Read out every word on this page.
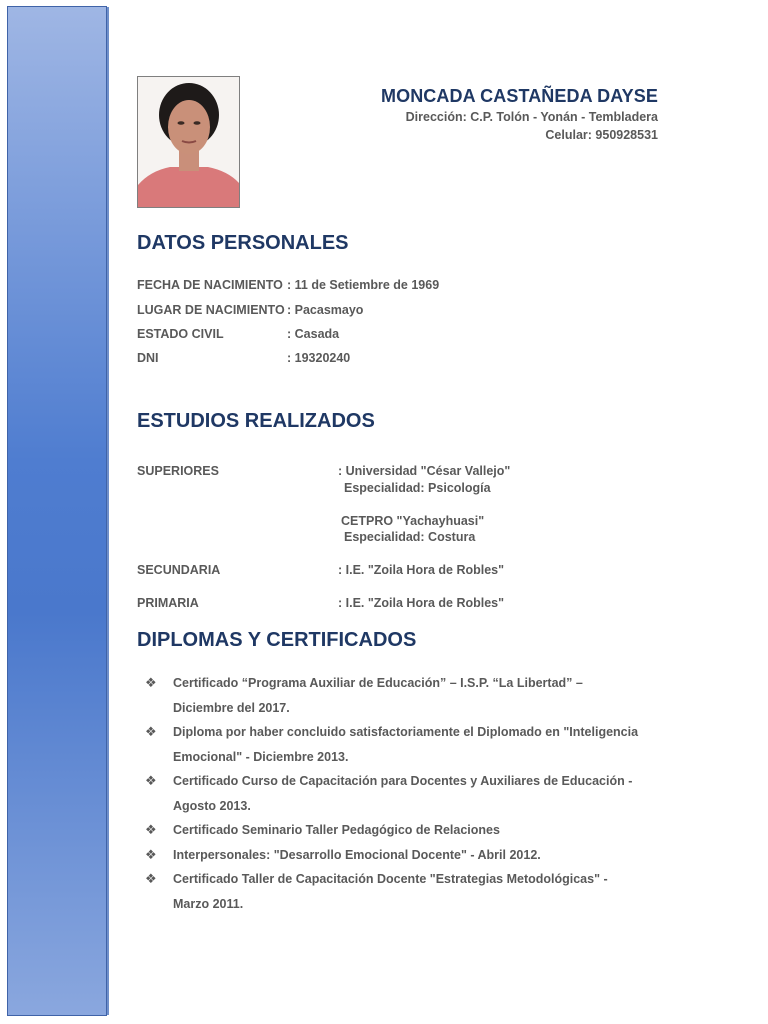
MONCADA CASTAÑEDA DAYSE
Dirección: C.P. Tolón - Yonán - Tembladera
Celular: 950928531
DATOS PERSONALES
FECHA DE NACIMIENTO : 11 de Setiembre de 1969
LUGAR DE NACIMIENTO : Pacasmayo
ESTADO CIVIL	: Casada
DNI	: 19320240
ESTUDIOS REALIZADOS
SUPERIORES	: Universidad "César Vallejo"
Especialidad: Psicología
CETPRO "Yachayhuasi"
Especialidad: Costura
SECUNDARIA	: I.E. "Zoila Hora de Robles"
PRIMARIA	: I.E. "Zoila Hora de Robles"
DIPLOMAS Y CERTIFICADOS
❖ Certificado “Programa Auxiliar de Educación” – I.S.P. “La Libertad” – Diciembre del 2017.
❖ Diploma por haber concluido satisfactoriamente el Diplomado en "Inteligencia Emocional" - Diciembre 2013.
❖ Certificado Curso de Capacitación para Docentes y Auxiliares de Educación - Agosto 2013.
❖ Certificado Seminario Taller Pedagógico de Relaciones
❖ Interpersonales: "Desarrollo Emocional Docente" - Abril 2012.
❖ Certificado Taller de Capacitación Docente "Estrategias Metodológicas" - Marzo 2011.
